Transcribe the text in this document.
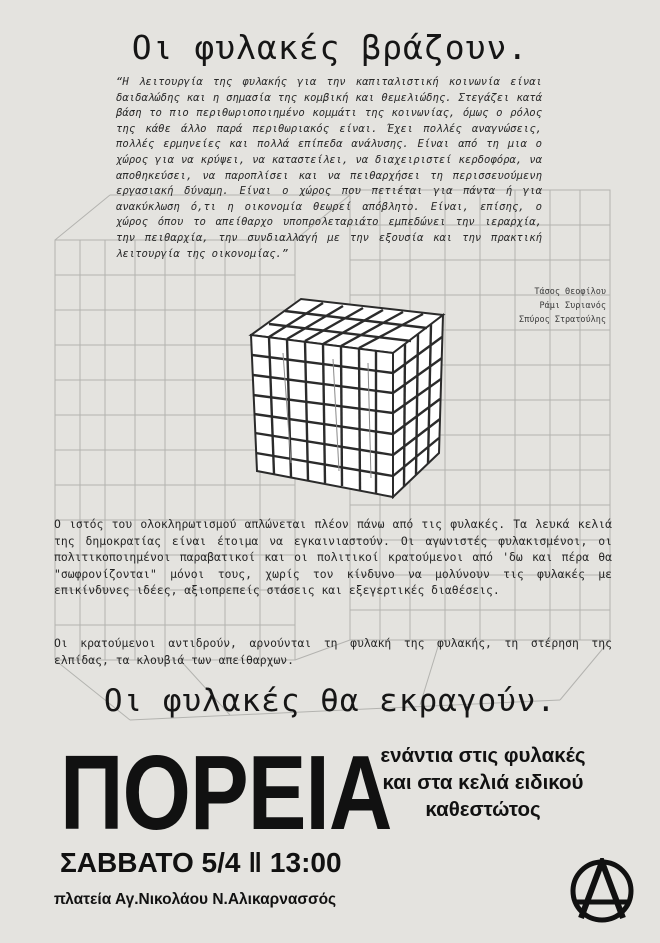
Οι φυλακές βράζουν.
“Η λειτουργία της φυλακής για την καπιταλιστική κοινωνία είναι δαιδαλώδης και η σημασία της κομβική και θεμελιώδης. Στεγάζει κατά βάση το πιο περιθωριοποιημένο κομμάτι της κοινωνίας, όμως ο ρόλος της κάθε άλλο παρά περιθωριακός είναι. Έχει πολλές αναγνώσεις, πολλές ερμηνείες και πολλά επίπεδα ανάλυσης. Είναι από τη μια ο χώρος για να κρύψει, να καταστείλει, να διαχειριστεί κερδοφόρα, να αποθηκεύσει, να παροπλίσει και να πειθαρχήσει τη περισσευούμενη εργασιακή δύναμη. Είναι ο χώρος που πετιέται για πάντα ή για ανακύκλωση ό,τι η οικονομία θεωρεί απόβλητο. Είναι, επίσης, ο χώρος όπου το απείθαρχο υποπρολεταριάτο εμπεδώνει την ιεραρχία, την πειθαρχία, την συνδιαλλαγή με την εξουσία και την πρακτική λειτουργία της οικονομίας.”
Τάσος Θεοφίλου
Ράμι Συριανός
Σπύρος Στρατούλης
Ο ιστός του ολοκληρωτισμού απλώνεται πλέον πάνω από τις φυλακές. Τα λευκά κελιά της δημοκρατίας είναι έτοιμα να εγκαινιαστούν. Οι αγωνιστές φυλακισμένοι, οι πολιτικοποιημένοι παραβατικοί και οι πολιτικοί κρατούμενοι από 'δω και πέρα θα "σωφρονίζονται" μόνοι τους, χωρίς τον κίνδυνο να μολύνουν τις φυλακές με επικίνδυνες ιδέες, αξιοπρεπείς στάσεις και εξεγερτικές διαθέσεις.
Οι κρατούμενοι αντιδρούν, αρνούνται τη φυλακή της φυλακής, τη στέρηση της ελπίδας, τα κλουβιά των απείθαρχων.
Οι φυλακές θα εκραγούν.
ΠΟΡΕΙΑ
ενάντια στις φυλακές
και στα κελιά ειδικού
καθεστώτος
ΣΑΒΒΑΤΟ 5/4 ‖ 13:00
πλατεία Αγ.Νικολάου Ν.Αλικαρνασσός
